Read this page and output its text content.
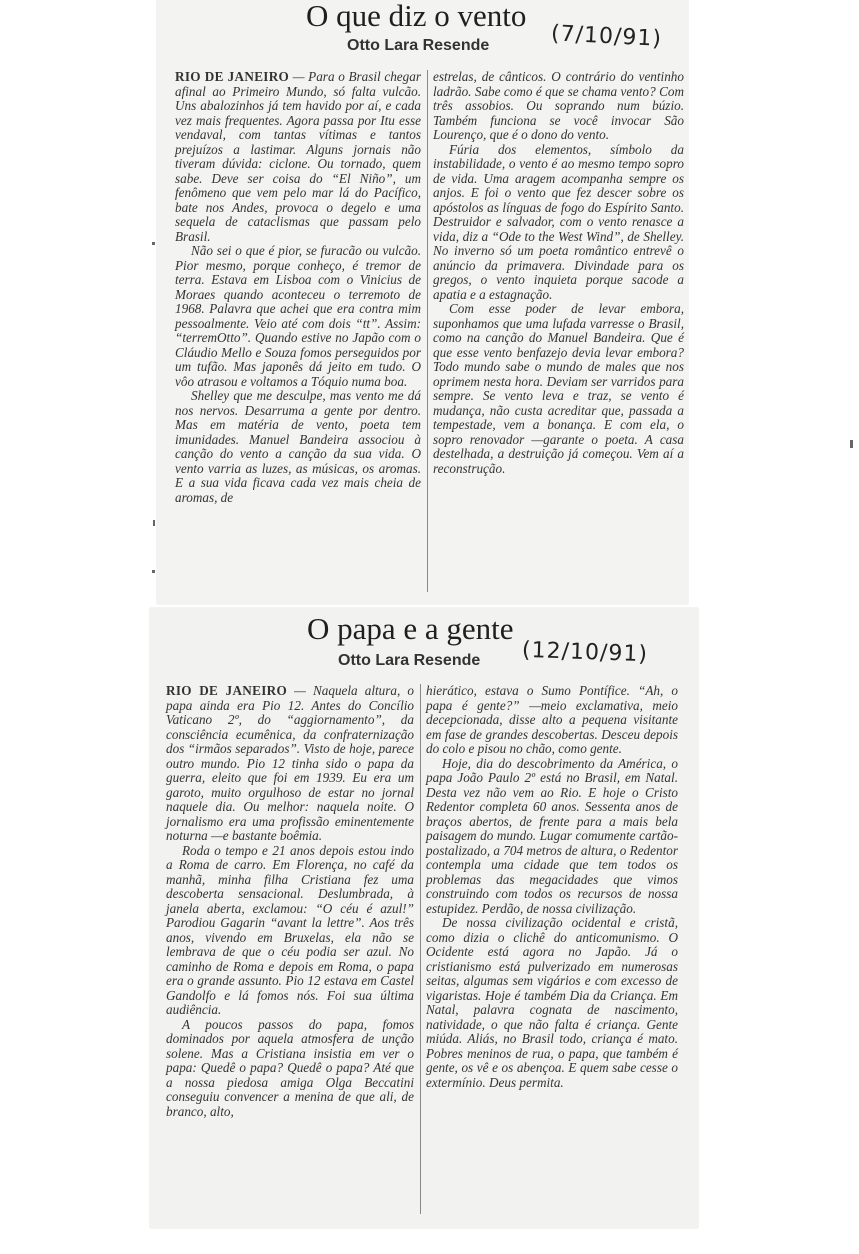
O que diz o vento
Otto Lara Resende	(7/10/91)

RIO DE JANEIRO — Para o Brasil chegar afinal ao Primeiro Mundo, só falta vulcão. Uns abalozinhos já tem havido por aí, e cada vez mais frequentes. Agora passa por Itu esse vendaval, com tantas vítimas e tantos prejuízos a lastimar. Alguns jornais não tiveram dúvida: ciclone. Ou tornado, quem sabe. Deve ser coisa do “El Niño”, um fenômeno que vem pelo mar lá do Pacífico, bate nos Andes, provoca o degelo e uma sequela de cataclismas que passam pelo Brasil.

Não sei o que é pior, se furacão ou vulcão. Pior mesmo, porque conheço, é tremor de terra. Estava em Lisboa com o Vinicius de Moraes quando aconteceu o terremoto de 1968. Palavra que achei que era contra mim pessoalmente. Veio até com dois “tt”. Assim: “terremOtto”. Quando estive no Japão com o Cláudio Mello e Souza fomos perseguidos por um tufão. Mas japonês dá jeito em tudo. O vôo atrasou e voltamos a Tóquio numa boa.

Shelley que me desculpe, mas vento me dá nos nervos. Desarruma a gente por dentro. Mas em matéria de vento, poeta tem imunidades. Manuel Bandeira associou à canção do vento a canção da sua vida. O vento varria as luzes, as músicas, os aromas. E a sua vida ficava cada vez mais cheia de aromas, de

estrelas, de cânticos. O contrário do ventinho ladrão. Sabe como é que se chama vento? Com três assobios. Ou soprando num búzio. Também funciona se você invocar São Lourenço, que é o dono do vento.

Fúria dos elementos, símbolo da instabilidade, o vento é ao mesmo tempo sopro de vida. Uma aragem acompanha sempre os anjos. E foi o vento que fez descer sobre os apóstolos as línguas de fogo do Espírito Santo. Destruidor e salvador, com o vento renasce a vida, diz a “Ode to the West Wind”, de Shelley. No inverno só um poeta romântico entrevê o anúncio da primavera. Divindade para os gregos, o vento inquieta porque sacode a apatia e a estagnação.

Com esse poder de levar embora, suponhamos que uma lufada varresse o Brasil, como na canção do Manuel Bandeira. Que é que esse vento benfazejo devia levar embora? Todo mundo sabe o mundo de males que nos oprimem nesta hora. Deviam ser varridos para sempre. Se vento leva e traz, se vento é mudança, não custa acreditar que, passada a tempestade, vem a bonança. E com ela, o sopro renovador —garante o poeta. A casa destelhada, a destruição já começou. Vem aí a reconstrução.

O papa e a gente
Otto Lara Resende (12/10/91)

RIO DE JANEIRO — Naquela altura, o papa ainda era Pio 12. Antes do Concílio Vaticano 2º, do “aggiornamento”, da consciência ecumênica, da confraternização dos “irmãos separados”. Visto de hoje, parece outro mundo. Pio 12 tinha sido o papa da guerra, eleito que foi em 1939. Eu era um garoto, muito orgulhoso de estar no jornal naquele dia. Ou melhor: naquela noite. O jornalismo era uma profissão eminentemente noturna —e bastante boêmia.

Roda o tempo e 21 anos depois estou indo a Roma de carro. Em Florença, no café da manhã, minha filha Cristiana fez uma descoberta sensacional. Deslumbrada, à janela aberta, exclamou: “O céu é azul!” Parodiou Gagarin “avant la lettre”. Aos três anos, vivendo em Bruxelas, ela não se lembrava de que o céu podia ser azul. No caminho de Roma e depois em Roma, o papa era o grande assunto. Pio 12 estava em Castel Gandolfo e lá fomos nós. Foi sua última audiência.

A poucos passos do papa, fomos dominados por aquela atmosfera de unção solene. Mas a Cristiana insistia em ver o papa: Quedê o papa? Quedê o papa? Até que a nossa piedosa amiga Olga Beccatini conseguiu convencer a menina de que ali, de branco, alto,

hierático, estava o Sumo Pontífice. “Ah, o papa é gente?” —meio exclamativa, meio decepcionada, disse alto a pequena visitante em fase de grandes descobertas. Desceu depois do colo e pisou no chão, como gente.

Hoje, dia do descobrimento da América, o papa João Paulo 2º está no Brasil, em Natal. Desta vez não vem ao Rio. E hoje o Cristo Redentor completa 60 anos. Sessenta anos de braços abertos, de frente para a mais bela paisagem do mundo. Lugar comumente cartão-postalizado, a 704 metros de altura, o Redentor contempla uma cidade que tem todos os problemas das megacidades que vimos construindo com todos os recursos de nossa estupidez. Perdão, de nossa civilização.

De nossa civilização ocidental e cristã, como dizia o clichê do anticomunismo. O Ocidente está agora no Japão. Já o cristianismo está pulverizado em numerosas seitas, algumas sem vigários e com excesso de vigaristas. Hoje é também Dia da Criança. Em Natal, palavra cognata de nascimento, natividade, o que não falta é criança. Gente miúda. Aliás, no Brasil todo, criança é mato. Pobres meninos de rua, o papa, que também é gente, os vê e os abençoa. E quem sabe cesse o extermínio. Deus permita.
